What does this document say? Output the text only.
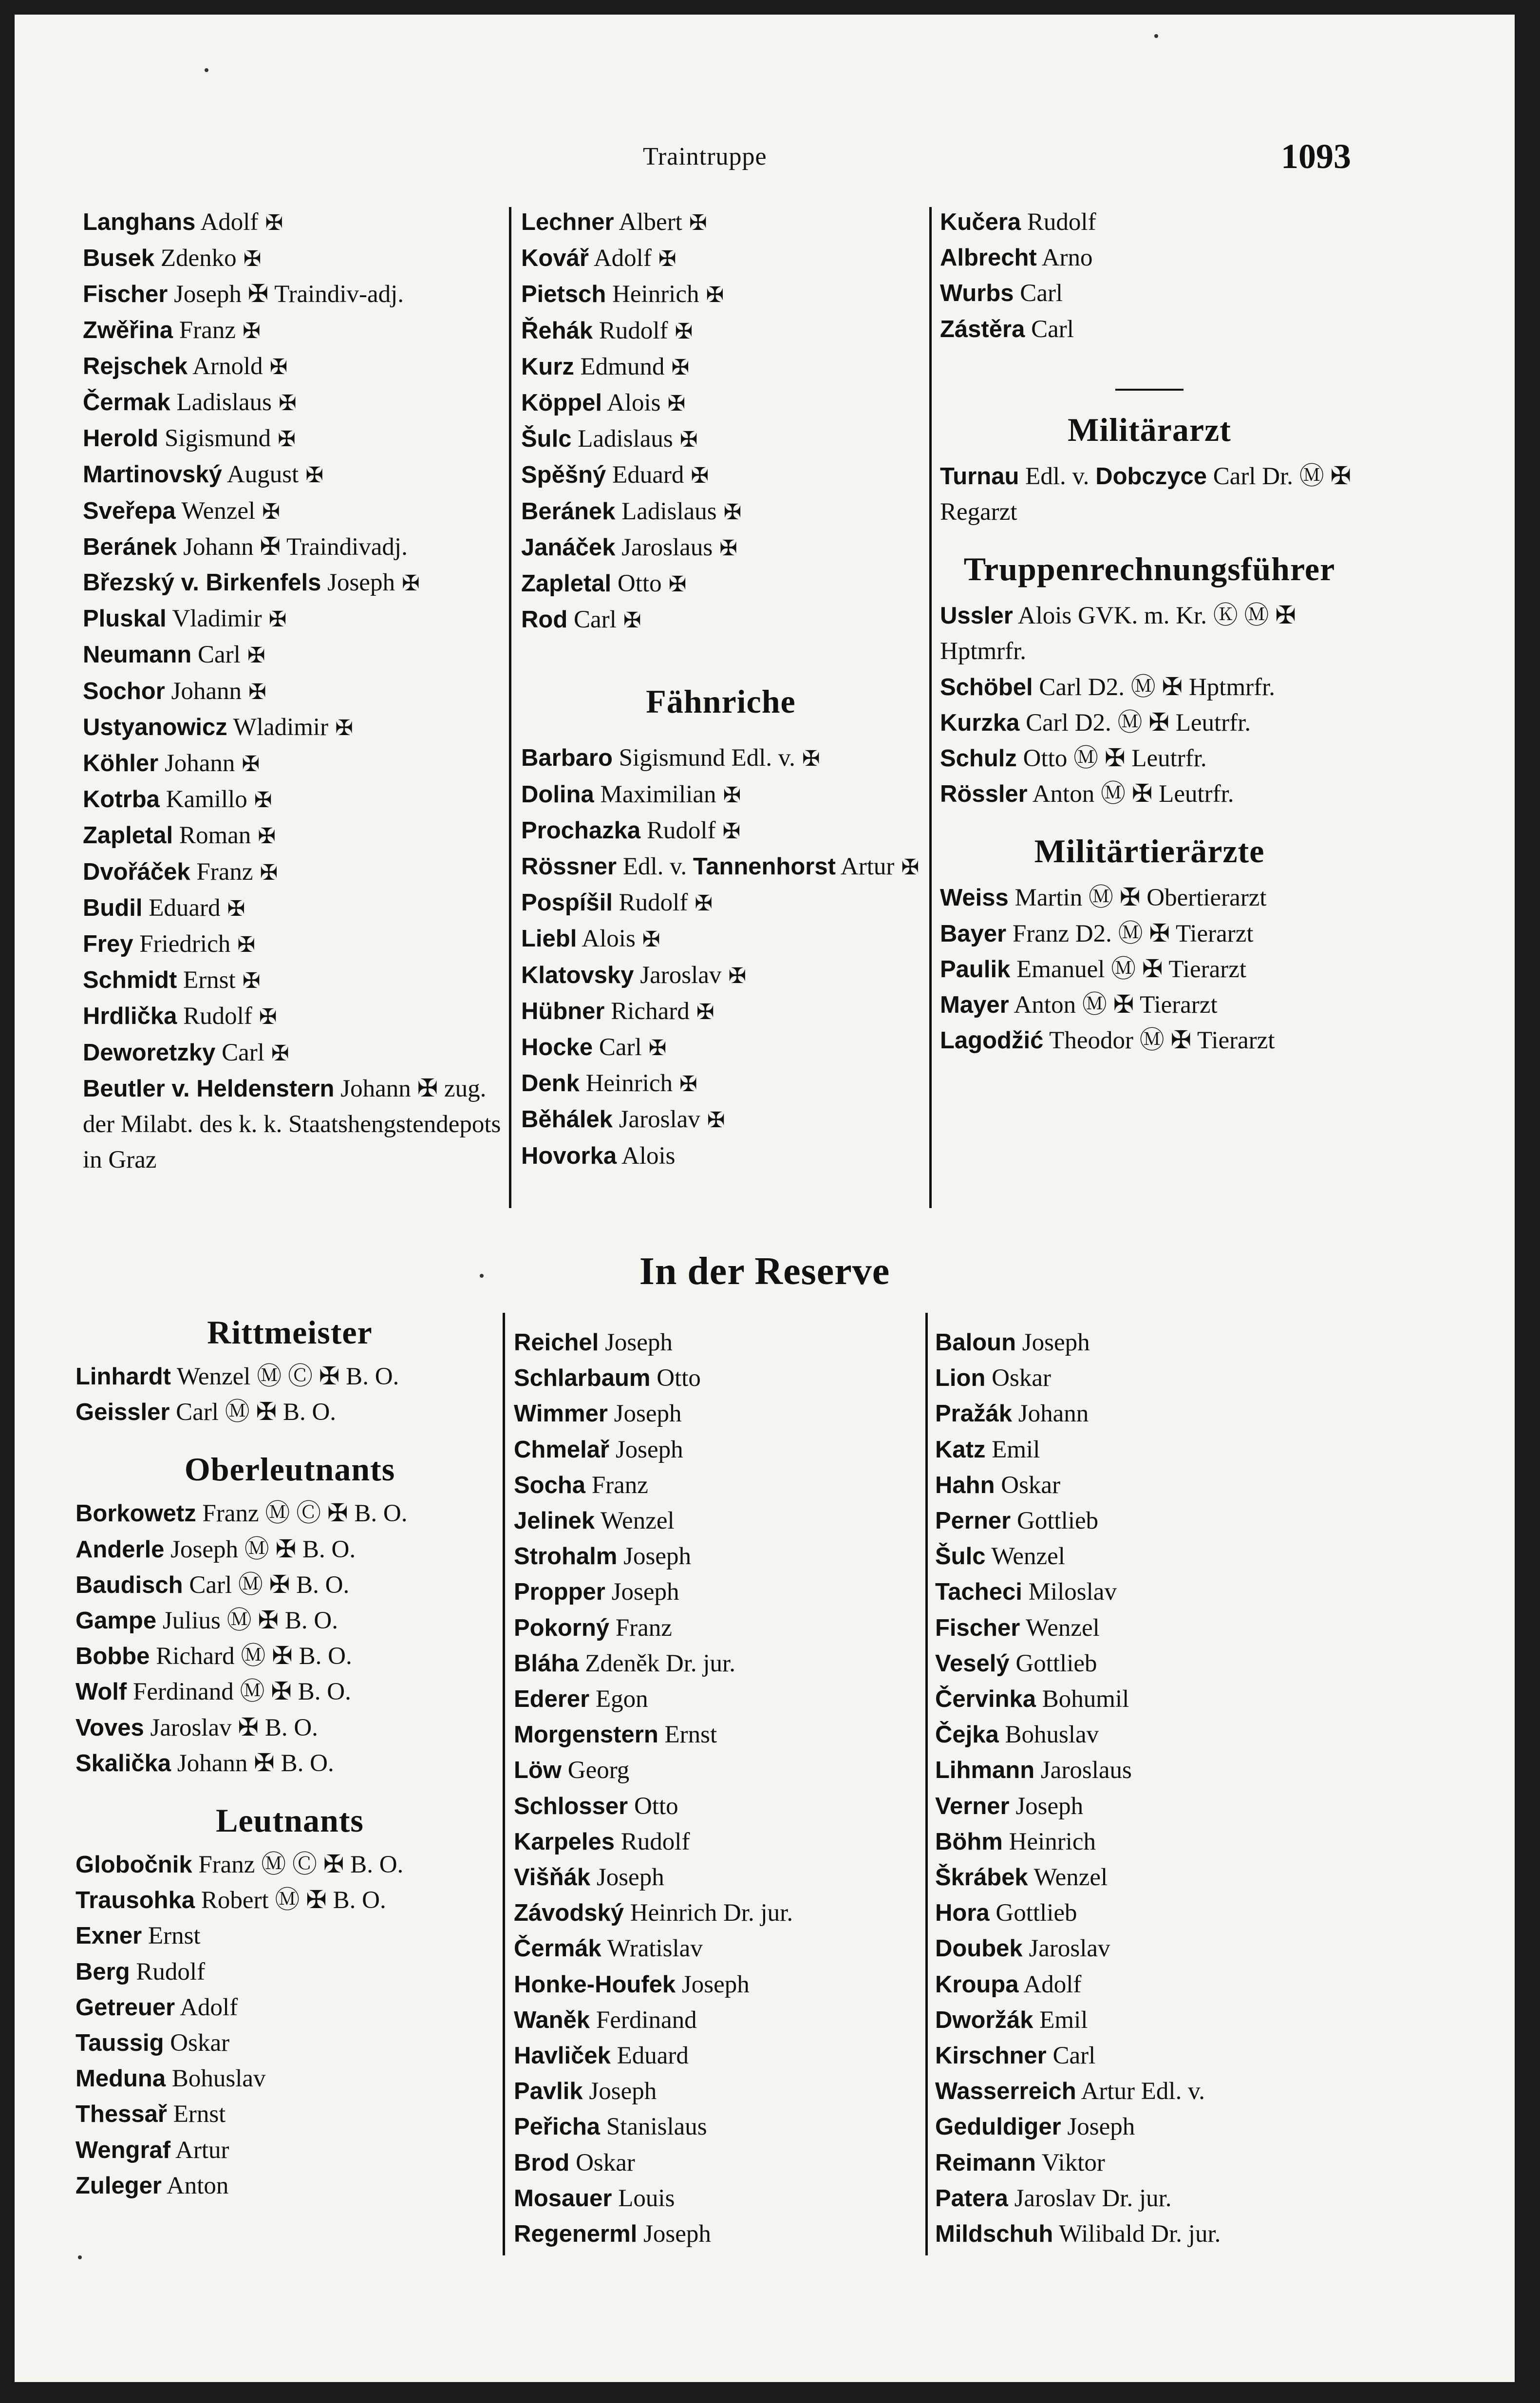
Traintruppe	1093
Langhans Adolf ✠
Busek Zdenko ✠
Fischer Joseph ✠ Traindiv-adj.
Zwěřina Franz ✠
Rejschek Arnold ✠
Čermak Ladislaus ✠
Herold Sigismund ✠
Martinovský August ✠
Sveřepa Wenzel ✠
Beránek Johann ✠ Traindivadj.
Březský v. Birkenfels Joseph ✠
Pluskal Vladimir ✠
Neumann Carl ✠
Sochor Johann ✠
Ustyanowicz Wladimir ✠
Köhler Johann ✠
Kotrba Kamillo ✠
Zapletal Roman ✠
Dvořáček Franz ✠
Budil Eduard ✠
Frey Friedrich ✠
Schmidt Ernst ✠
Hrdlička Rudolf ✠
Deworetzky Carl ✠
Beutler v. Heldenstern Johann ✠ zug. der Milabt. des k. k. Staatshengstendepots in Graz
Lechner Albert ✠
Kovář Adolf ✠
Pietsch Heinrich ✠
Řehák Rudolf ✠
Kurz Edmund ✠
Köppel Alois ✠
Šulc Ladislaus ✠
Spěšný Eduard ✠
Beránek Ladislaus ✠
Janáček Jaroslaus ✠
Zapletal Otto ✠
Rod Carl ✠
Fähnriche
Barbaro Sigismund Edl. v. ✠
Dolina Maximilian ✠
Prochazka Rudolf ✠
Rössner Edl. v. Tannenhorst Artur ✠
Pospíšil Rudolf ✠
Liebl Alois ✠
Klatovsky Jaroslav ✠
Hübner Richard ✠
Hocke Carl ✠
Denk Heinrich ✠
Běhálek Jaroslav ✠
Hovorka Alois
Kučera Rudolf
Albrecht Arno
Wurbs Carl
Zástěra Carl
Militärarzt
Turnau Edl. v. Dobczyce Carl Dr. Ⓜ ✠ Regarzt
Truppenrechnungsführer
Ussler Alois GVK. m. Kr. Ⓚ Ⓜ ✠ Hptmrfr.
Schöbel Carl D2. Ⓜ ✠ Hptmrfr.
Kurzka Carl D2. Ⓜ ✠ Leutrfr.
Schulz Otto Ⓜ ✠ Leutrfr.
Rössler Anton Ⓜ ✠ Leutrfr.
Militärtierärzte
Weiss Martin Ⓜ ✠ Obertierarzt
Bayer Franz D2. Ⓜ ✠ Tierarzt
Paulik Emanuel Ⓜ ✠ Tierarzt
Mayer Anton Ⓜ ✠ Tierarzt
Lagodžić Theodor Ⓜ ✠ Tierarzt
In der Reserve
Rittmeister
Linhardt Wenzel Ⓜ Ⓒ ✠ B. O.
Geissler Carl Ⓜ ✠ B. O.
Oberleutnants
Borkowetz Franz Ⓜ Ⓒ ✠ B. O.
Anderle Joseph Ⓜ ✠ B. O.
Baudisch Carl Ⓜ ✠ B. O.
Gampe Julius Ⓜ ✠ B. O.
Bobbe Richard Ⓜ ✠ B. O.
Wolf Ferdinand Ⓜ ✠ B. O.
Voves Jaroslav ✠ B. O.
Skalička Johann ✠ B. O.
Leutnants
Globočnik Franz Ⓜ Ⓒ ✠ B. O.
Trausohka Robert Ⓜ ✠ B. O.
Exner Ernst
Berg Rudolf
Getreuer Adolf
Taussig Oskar
Meduna Bohuslav
Thessař Ernst
Wengraf Artur
Zuleger Anton
Reichel Joseph
Schlarbaum Otto
Wimmer Joseph
Chmelař Joseph
Socha Franz
Jelinek Wenzel
Strohalm Joseph
Propper Joseph
Pokorný Franz
Bláha Zdeněk Dr. jur.
Ederer Egon
Morgenstern Ernst
Löw Georg
Schlosser Otto
Karpeles Rudolf
Višňák Joseph
Závodský Heinrich Dr. jur.
Čermák Wratislav
Honke-Houfek Joseph
Waněk Ferdinand
Havliček Eduard
Pavlik Joseph
Peřicha Stanislaus
Brod Oskar
Mosauer Louis
Regenerml Joseph
Baloun Joseph
Lion Oskar
Pražák Johann
Katz Emil
Hahn Oskar
Perner Gottlieb
Šulc Wenzel
Tacheci Miloslav
Fischer Wenzel
Veselý Gottlieb
Červinka Bohumil
Čejka Bohuslav
Lihmann Jaroslaus
Verner Joseph
Böhm Heinrich
Škrábek Wenzel
Hora Gottlieb
Doubek Jaroslav
Kroupa Adolf
Dworžák Emil
Kirschner Carl
Wasserreich Artur Edl. v.
Geduldiger Joseph
Reimann Viktor
Patera Jaroslav Dr. jur.
Mildschuh Wilibald Dr. jur.
